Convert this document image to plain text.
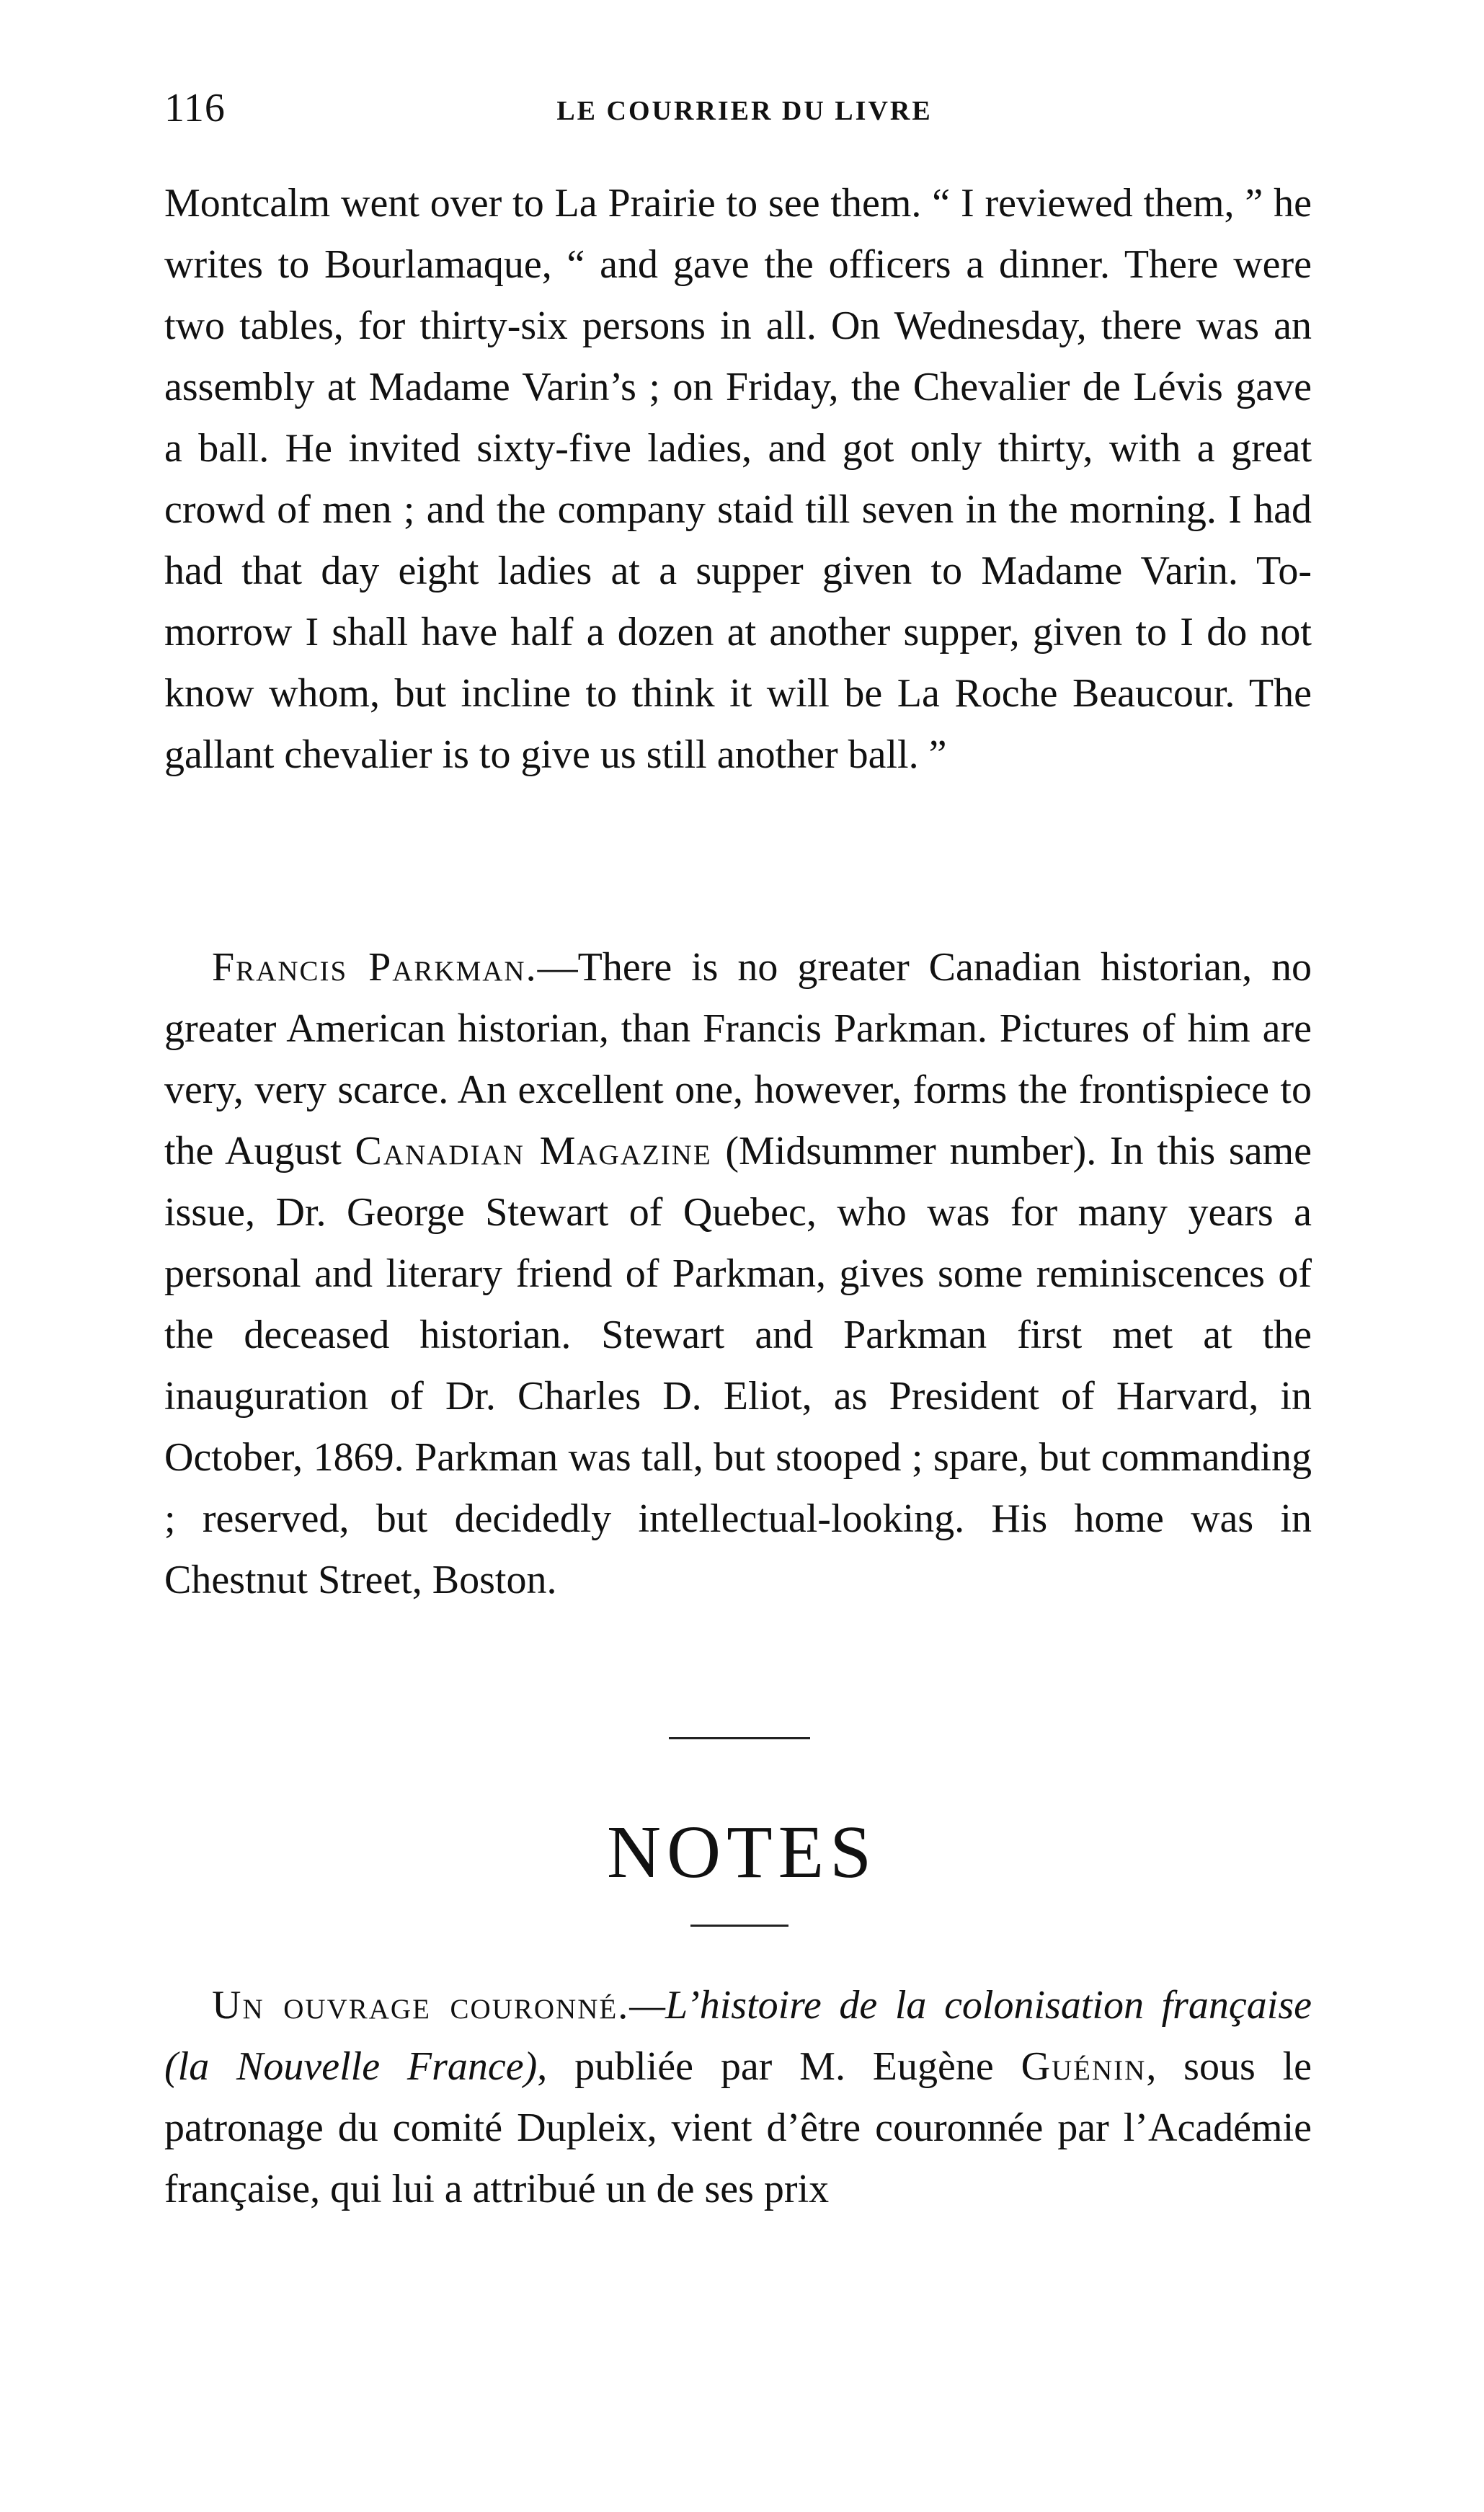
116	LE COURRIER DU LIVRE

Montcalm went over to La Prairie to see them. “ I reviewed them, ” he writes to Bourlamaque, “ and gave the officers a dinner. There were two tables, for thirty-six persons in all. On Wednesday, there was an assembly at Madame Varin’s ; on Friday, the Chevalier de Lévis gave a ball. He invited sixty-five ladies, and got only thirty, with a great crowd of men ; and the company staid till seven in the morning. I had had that day eight ladies at a supper given to Madame Varin. To-morrow I shall have half a dozen at another supper, given to I do not know whom, but incline to think it will be La Roche Beaucour. The gallant chevalier is to give us still another ball. ”

Francis Parkman.—There is no greater Canadian historian, no greater American historian, than Francis Parkman. Pictures of him are very, very scarce. An excellent one, however, forms the frontispiece to the August Canadian Magazine (Midsummer number). In this same issue, Dr. George Stewart of Quebec, who was for many years a personal and literary friend of Parkman, gives some reminiscences of the deceased historian. Stewart and Parkman first met at the inauguration of Dr. Charles D. Eliot, as President of Harvard, in October, 1869. Parkman was tall, but stooped ; spare, but commanding ; reserved, but decidedly intellectual-looking. His home was in Chestnut Street, Boston.

NOTES

Un ouvrage couronné.—L’histoire de la colonisation française (la Nouvelle France), publiée par M. Eugène Guénin, sous le patronage du comité Dupleix, vient d’être couronnée par l’Académie française, qui lui a attribué un de ses prix
